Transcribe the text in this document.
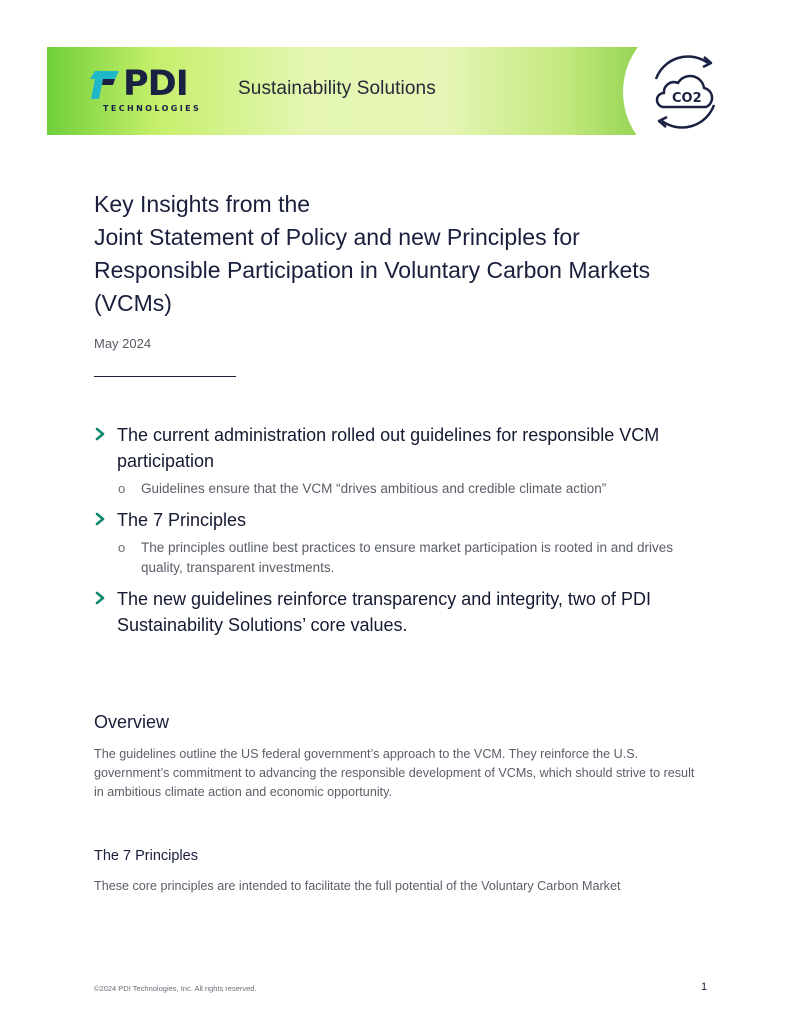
PDI
TECHNOLOGIES
Sustainability Solutions	CO2
Key Insights from the
Joint Statement of Policy and new Principles for
Responsible Participation in Voluntary Carbon Markets
(VCMs)
May 2024
The current administration rolled out guidelines for responsible VCM participation
o Guidelines ensure that the VCM “drives ambitious and credible climate action”
The 7 Principles
o The principles outline best practices to ensure market participation is rooted in and drives quality, transparent investments.
The new guidelines reinforce transparency and integrity, two of PDI Sustainability Solutions’ core values.
Overview
The guidelines outline the US federal government’s approach to the VCM. They reinforce the U.S. government’s commitment to advancing the responsible development of VCMs, which should strive to result in ambitious climate action and economic opportunity.
The 7 Principles
These core principles are intended to facilitate the full potential of the Voluntary Carbon Market
©2024 PDI Technologies, Inc. All rights reserved.	1
